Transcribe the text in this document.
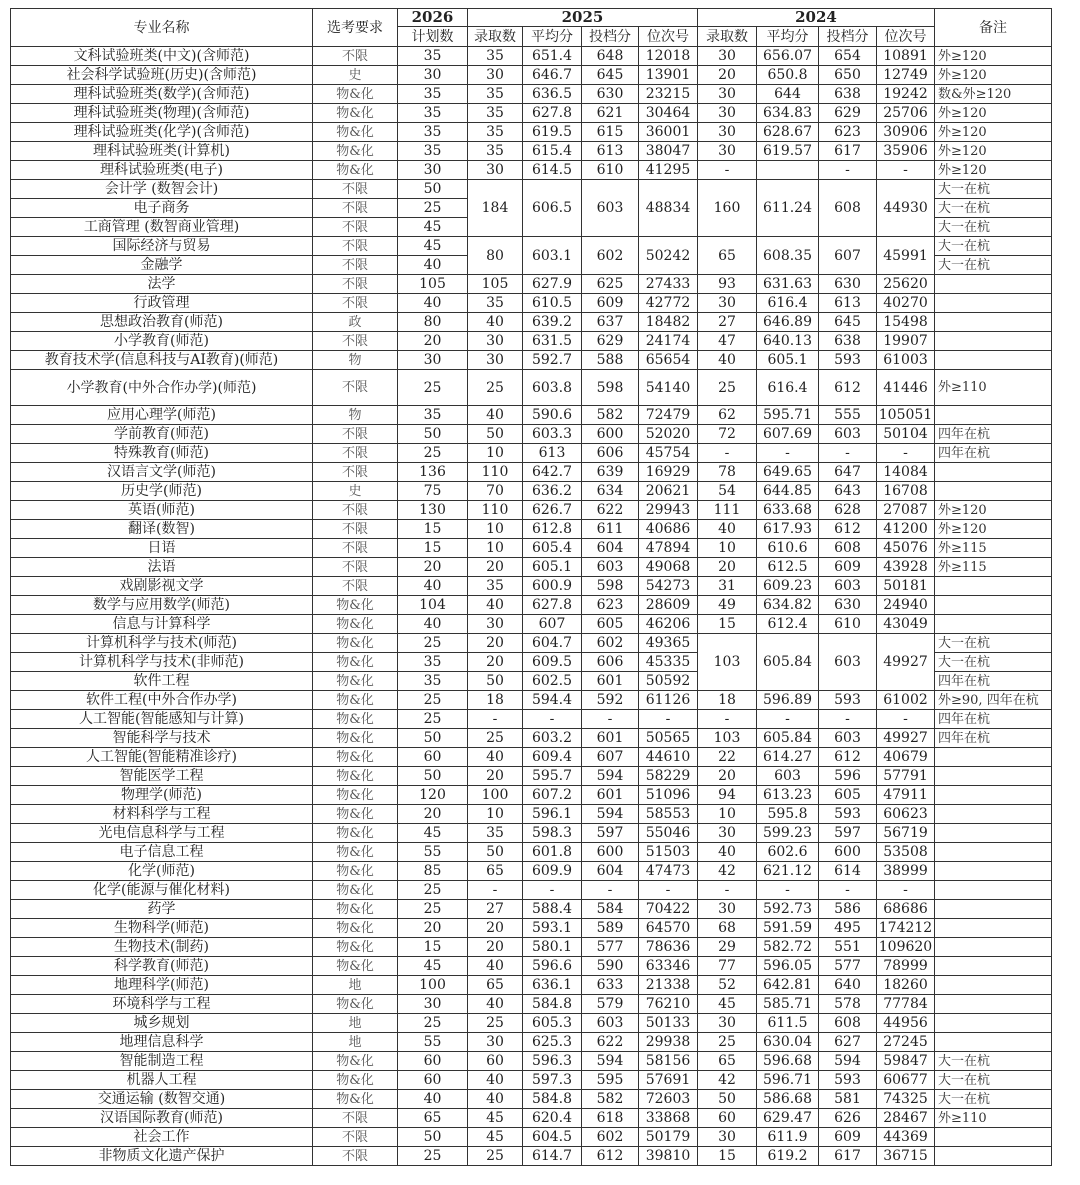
专业名称	选考要求	2026	2025				2024				备注
		计划数	录取数	平均分	投档分	位次号	录取数	平均分	投档分	位次号	
文科试验班类(中文)(含师范)	不限	35	35	651.4	648	12018	30	656.07	654	10891	外≥120
社会科学试验班(历史)(含师范)	史	30	30	646.7	645	13901	20	650.8	650	12749	外≥120
理科试验班类(数学)(含师范)	物&化	35	35	636.5	630	23215	30	644	638	19242	数&外≥120
理科试验班类(物理)(含师范)	物&化	35	35	627.8	621	30464	30	634.83	629	25706	外≥120
理科试验班类(化学)(含师范)	物&化	35	35	619.5	615	36001	30	628.67	623	30906	外≥120
理科试验班类(计算机)	物&化	35	35	615.4	613	38047	30	619.57	617	35906	外≥120
理科试验班类(电子)	物&化	30	30	614.5	610	41295	-		-	-	外≥120
会计学 (数智会计)	不限	50	184	606.5	603	48834	160	611.24	608	44930	大一在杭
电子商务	不限	25									大一在杭
工商管理 (数智商业管理)	不限	45									大一在杭
国际经济与贸易	不限	45	80	603.1	602	50242	65	608.35	607	45991	大一在杭
金融学	不限	40									大一在杭
法学	不限	105	105	627.9	625	27433	93	631.63	630	25620	
行政管理	不限	40	35	610.5	609	42772	30	616.4	613	40270	
思想政治教育(师范)	政	80	40	639.2	637	18482	27	646.89	645	15498	
小学教育(师范)	不限	20	30	631.5	629	24174	47	640.13	638	19907	
教育技术学(信息科技与AI教育)(师范)	物	30	30	592.7	588	65654	40	605.1	593	61003	
小学教育(中外合作办学)(师范)	不限	25	25	603.8	598	54140	25	616.4	612	41446	外≥110
应用心理学(师范)	物	35	40	590.6	582	72479	62	595.71	555	105051	
学前教育(师范)	不限	50	50	603.3	600	52020	72	607.69	603	50104	四年在杭
特殊教育(师范)	不限	25	10	613	606	45754	-	-	-	-	四年在杭
汉语言文学(师范)	不限	136	110	642.7	639	16929	78	649.65	647	14084	
历史学(师范)	史	75	70	636.2	634	20621	54	644.85	643	16708	
英语(师范)	不限	130	110	626.7	622	29943	111	633.68	628	27087	外≥120
翻译(数智)	不限	15	10	612.8	611	40686	40	617.93	612	41200	外≥120
日语	不限	15	10	605.4	604	47894	10	610.6	608	45076	外≥115
法语	不限	20	20	605.1	603	49068	20	612.5	609	43928	外≥115
戏剧影视文学	不限	40	35	600.9	598	54273	31	609.23	603	50181	
数学与应用数学(师范)	物&化	104	40	627.8	623	28609	49	634.82	630	24940	
信息与计算科学	物&化	40	30	607	605	46206	15	612.4	610	43049	
计算机科学与技术(师范)	物&化	25	20	604.7	602	49365	103	605.84	603	49927	大一在杭
计算机科学与技术(非师范)	物&化	35	20	609.5	606	45335					大一在杭
软件工程	物&化	35	50	602.5	601	50592					四年在杭
软件工程(中外合作办学)	物&化	25	18	594.4	592	61126	18	596.89	593	61002	外≥90, 四年在杭
人工智能(智能感知与计算)	物&化	25	-	-	-	-	-	-	-	-	四年在杭
智能科学与技术	物&化	50	25	603.2	601	50565	103	605.84	603	49927	四年在杭
人工智能(智能精准诊疗)	物&化	60	40	609.4	607	44610	22	614.27	612	40679	
智能医学工程	物&化	50	20	595.7	594	58229	20	603	596	57791	
物理学(师范)	物&化	120	100	607.2	601	51096	94	613.23	605	47911	
材料科学与工程	物&化	20	10	596.1	594	58553	10	595.8	593	60623	
光电信息科学与工程	物&化	45	35	598.3	597	55046	30	599.23	597	56719	
电子信息工程	物&化	55	50	601.8	600	51503	40	602.6	600	53508	
化学(师范)	物&化	85	65	609.9	604	47473	42	621.12	614	38999	
化学(能源与催化材料)	物&化	25	-	-	-	-	-	-	-	-	
药学	物&化	25	27	588.4	584	70422	30	592.73	586	68686	
生物科学(师范)	物&化	20	20	593.1	589	64570	68	591.59	495	174212	
生物技术(制药)	物&化	15	20	580.1	577	78636	29	582.72	551	109620	
科学教育(师范)	物&化	45	40	596.6	590	63346	77	596.05	577	78999	
地理科学(师范)	地	100	65	636.1	633	21338	52	642.81	640	18260	
环境科学与工程	物&化	30	40	584.8	579	76210	45	585.71	578	77784	
城乡规划	地	25	25	605.3	603	50133	30	611.5	608	44956	
地理信息科学	地	55	30	625.3	622	29938	25	630.04	627	27245	
智能制造工程	物&化	60	60	596.3	594	58156	65	596.68	594	59847	大一在杭
机器人工程	物&化	60	40	597.3	595	57691	42	596.71	593	60677	大一在杭
交通运输 (数智交通)	物&化	40	40	584.8	582	72603	50	586.68	581	74325	大一在杭
汉语国际教育(师范)	不限	65	45	620.4	618	33868	60	629.47	626	28467	外≥110
社会工作	不限	50	45	604.5	602	50179	30	611.9	609	44369	
非物质文化遗产保护	不限	25	25	614.7	612	39810	15	619.2	617	36715	
